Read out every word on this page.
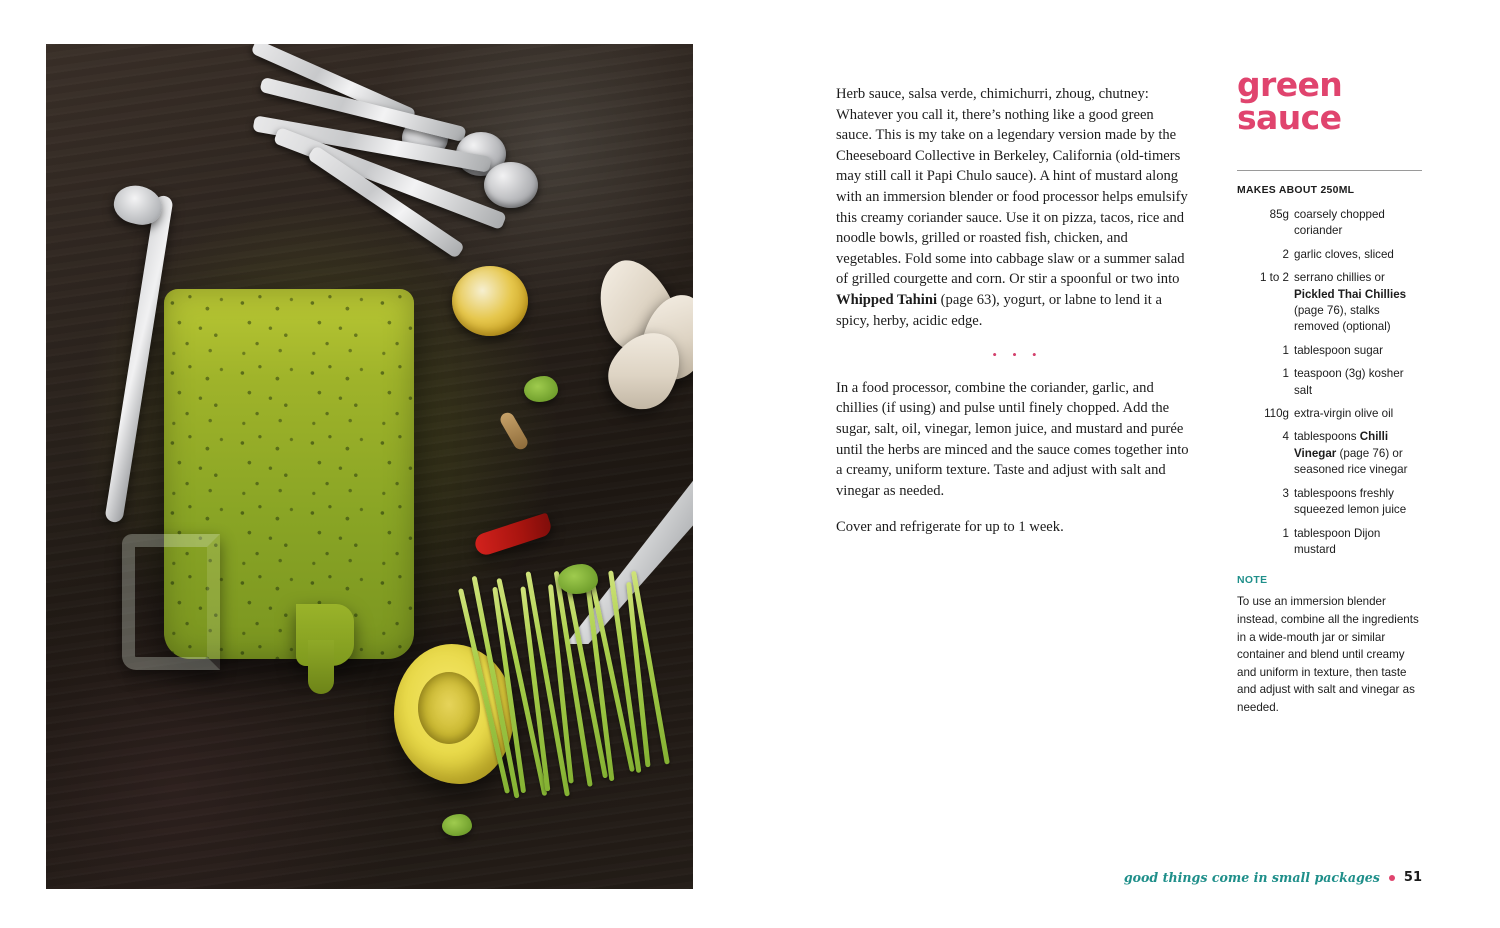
Herb sauce, salsa verde, chimichurri, zhoug, chutney: Whatever you call it, there’s nothing like a good green sauce. This is my take on a legendary version made by the Cheeseboard Collective in Berkeley, California (old-timers may still call it Papi Chulo sauce). A hint of mustard along with an immersion blender or food processor helps emulsify this creamy coriander sauce. Use it on pizza, tacos, rice and noodle bowls, grilled or roasted fish, chicken, and vegetables. Fold some into cabbage slaw or a summer salad of grilled courgette and corn. Or stir a spoonful or two into Whipped Tahini (page 63), yogurt, or labne to lend it a spicy, herby, acidic edge.

• • •

In a food processor, combine the coriander, garlic, and chillies (if using) and pulse until finely chopped. Add the sugar, salt, oil, vinegar, lemon juice, and mustard and purée until the herbs are minced and the sauce comes together into a creamy, uniform texture. Taste and adjust with salt and vinegar as needed.

Cover and refrigerate for up to 1 week.

green
sauce
MAKES ABOUT 250ML
85g coarsely chopped coriander
2 garlic cloves, sliced
1 to 2 serrano chillies or Pickled Thai Chillies (page 76), stalks removed (optional)
1 tablespoon sugar
1 teaspoon (3g) kosher salt
110g extra-virgin olive oil
4 tablespoons Chilli Vinegar (page 76) or seasoned rice vinegar
3 tablespoons freshly squeezed lemon juice
1 tablespoon Dijon mustard
NOTE
To use an immersion blender instead, combine all the ingredients in a wide-mouth jar or similar container and blend until creamy and uniform in texture, then taste and adjust with salt and vinegar as needed.
good things come in small packages 51
